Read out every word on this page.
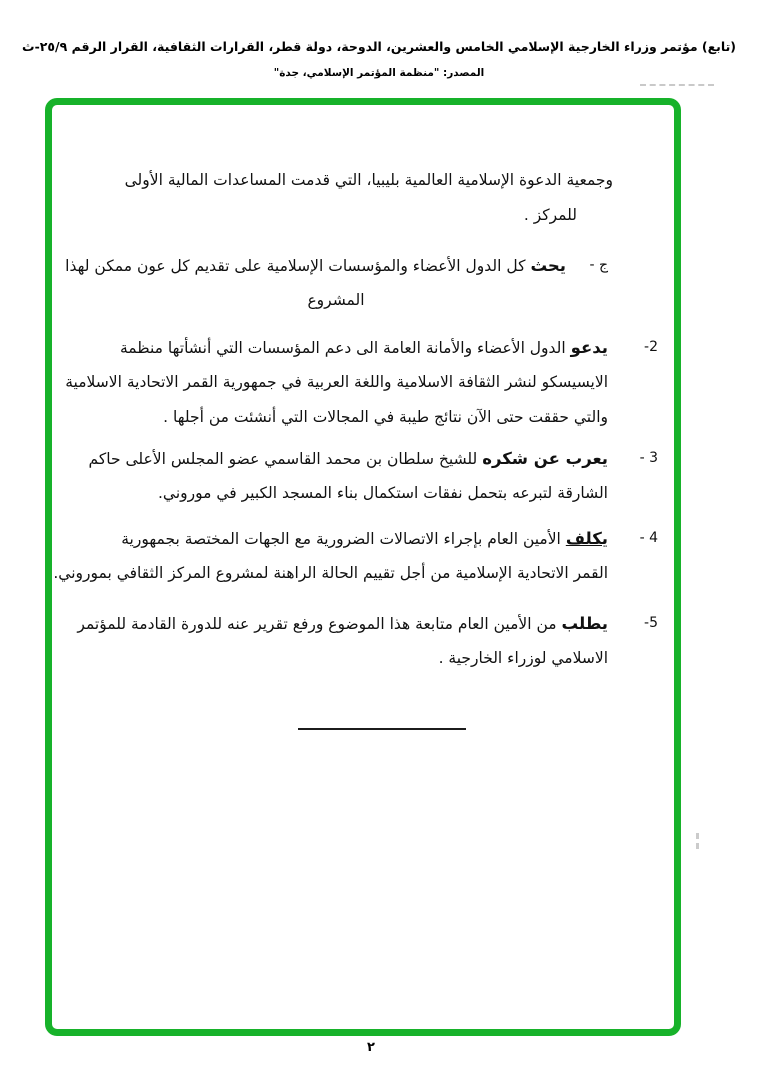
(تابع) مؤتمر وزراء الخارجية الإسلامي الخامس والعشرين، الدوحة، دولة قطر، القرارات الثقافية، القرار الرقم ٢٥/٩-ث
المصدر: "منظمة المؤتمر الإسلامي، جدة"
وجمعية الدعوة الإسلامية العالمية بليبيا، التي قدمت المساعدات المالية الأولى
للمركز .
ج -
يحث كل الدول الأعضاء والمؤسسات الإسلامية على تقديم كل عون ممكن لهذا
المشروع
2-
يدعو الدول الأعضاء والأمانة العامة الى دعم المؤسسات التي أنشأتها منظمة
الايسيسكو لنشر الثقافة الاسلامية واللغة العربية في جمهورية القمر الاتحادية الاسلامية
والتي حققت حتى الآن نتائج طيبة في المجالات التي أنشئت من أجلها .
3 -
يعرب عن شكره للشيخ سلطان بن محمد القاسمي عضو المجلس الأعلى حاكم
الشارقة لتبرعه بتحمل نفقات استكمال بناء المسجد الكبير في موروني.
4 -
يكلف الأمين العام بإجراء الاتصالات الضرورية مع الجهات المختصة بجمهورية
القمر الاتحادية الإسلامية من أجل تقييم الحالة الراهنة لمشروع المركز الثقافي بموروني.
5-
يطلب من الأمين العام متابعة هذا الموضوع ورفع تقرير عنه للدورة القادمة للمؤتمر
الاسلامي لوزراء الخارجية .
٢
